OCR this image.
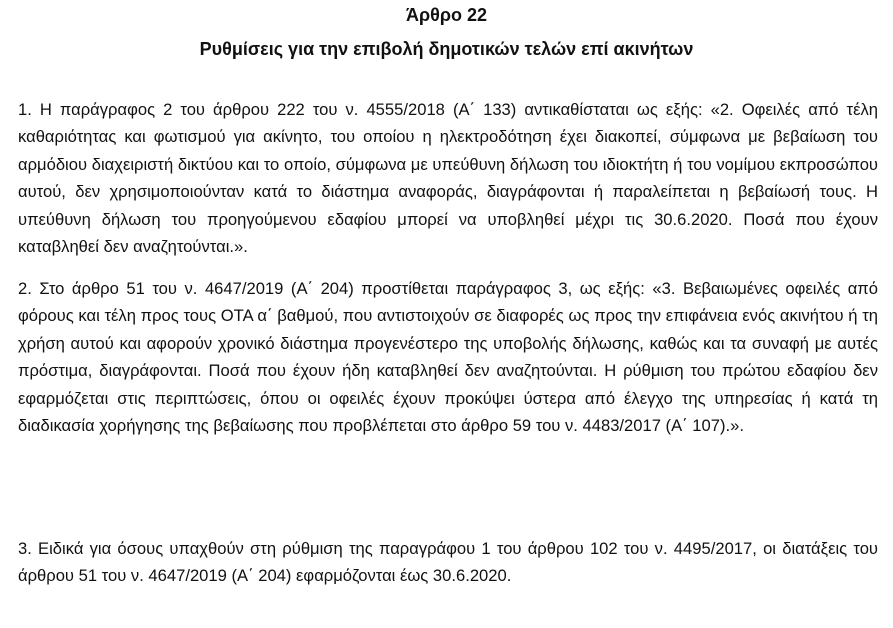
Άρθρο 22
Ρυθμίσεις για την επιβολή δημοτικών τελών επί ακινήτων

1. Η παράγραφος 2 του άρθρου 222 του ν. 4555/2018 (Α΄ 133) αντικαθίσταται ως εξής: «2. Οφειλές από τέλη καθαριότητας και φωτισμού για ακίνητο, του οποίου η ηλεκτροδότηση έχει διακοπεί, σύμφωνα με βεβαίωση του αρμόδιου διαχειριστή δικτύου και το οποίο, σύμφωνα με υπεύθυνη δήλωση του ιδιοκτήτη ή του νομίμου εκπροσώπου αυτού, δεν χρησιμοποιούνταν κατά το διάστημα αναφοράς, διαγράφονται ή παραλείπεται η βεβαίωσή τους. Η υπεύθυνη δήλωση του προηγούμενου εδαφίου μπορεί να υποβληθεί μέχρι τις 30.6.2020. Ποσά που έχουν καταβληθεί δεν αναζητούνται.».

2. Στο άρθρο 51 του ν. 4647/2019 (Α΄ 204) προστίθεται παράγραφος 3, ως εξής: «3. Βεβαιωμένες οφειλές από φόρους και τέλη προς τους ΟΤΑ α΄ βαθμού, που αντιστοιχούν σε διαφορές ως προς την επιφάνεια ενός ακινήτου ή τη χρήση αυτού και αφορούν χρονικό διάστημα προγενέστερο της υποβολής δήλωσης, καθώς και τα συναφή με αυτές πρόστιμα, διαγράφονται. Ποσά που έχουν ήδη καταβληθεί δεν αναζητούνται. Η ρύθμιση του πρώτου εδαφίου δεν εφαρμόζεται στις περιπτώσεις, όπου οι οφειλές έχουν προκύψει ύστερα από έλεγχο της υπηρεσίας ή κατά τη διαδικασία χορήγησης της βεβαίωσης που προβλέπεται στο άρθρο 59 του ν. 4483/2017 (Α΄ 107).».

3. Ειδικά για όσους υπαχθούν στη ρύθμιση της παραγράφου 1 του άρθρου 102 του ν. 4495/2017, οι διατάξεις του άρθρου 51 του ν. 4647/2019 (Α΄ 204) εφαρμόζονται έως 30.6.2020.
